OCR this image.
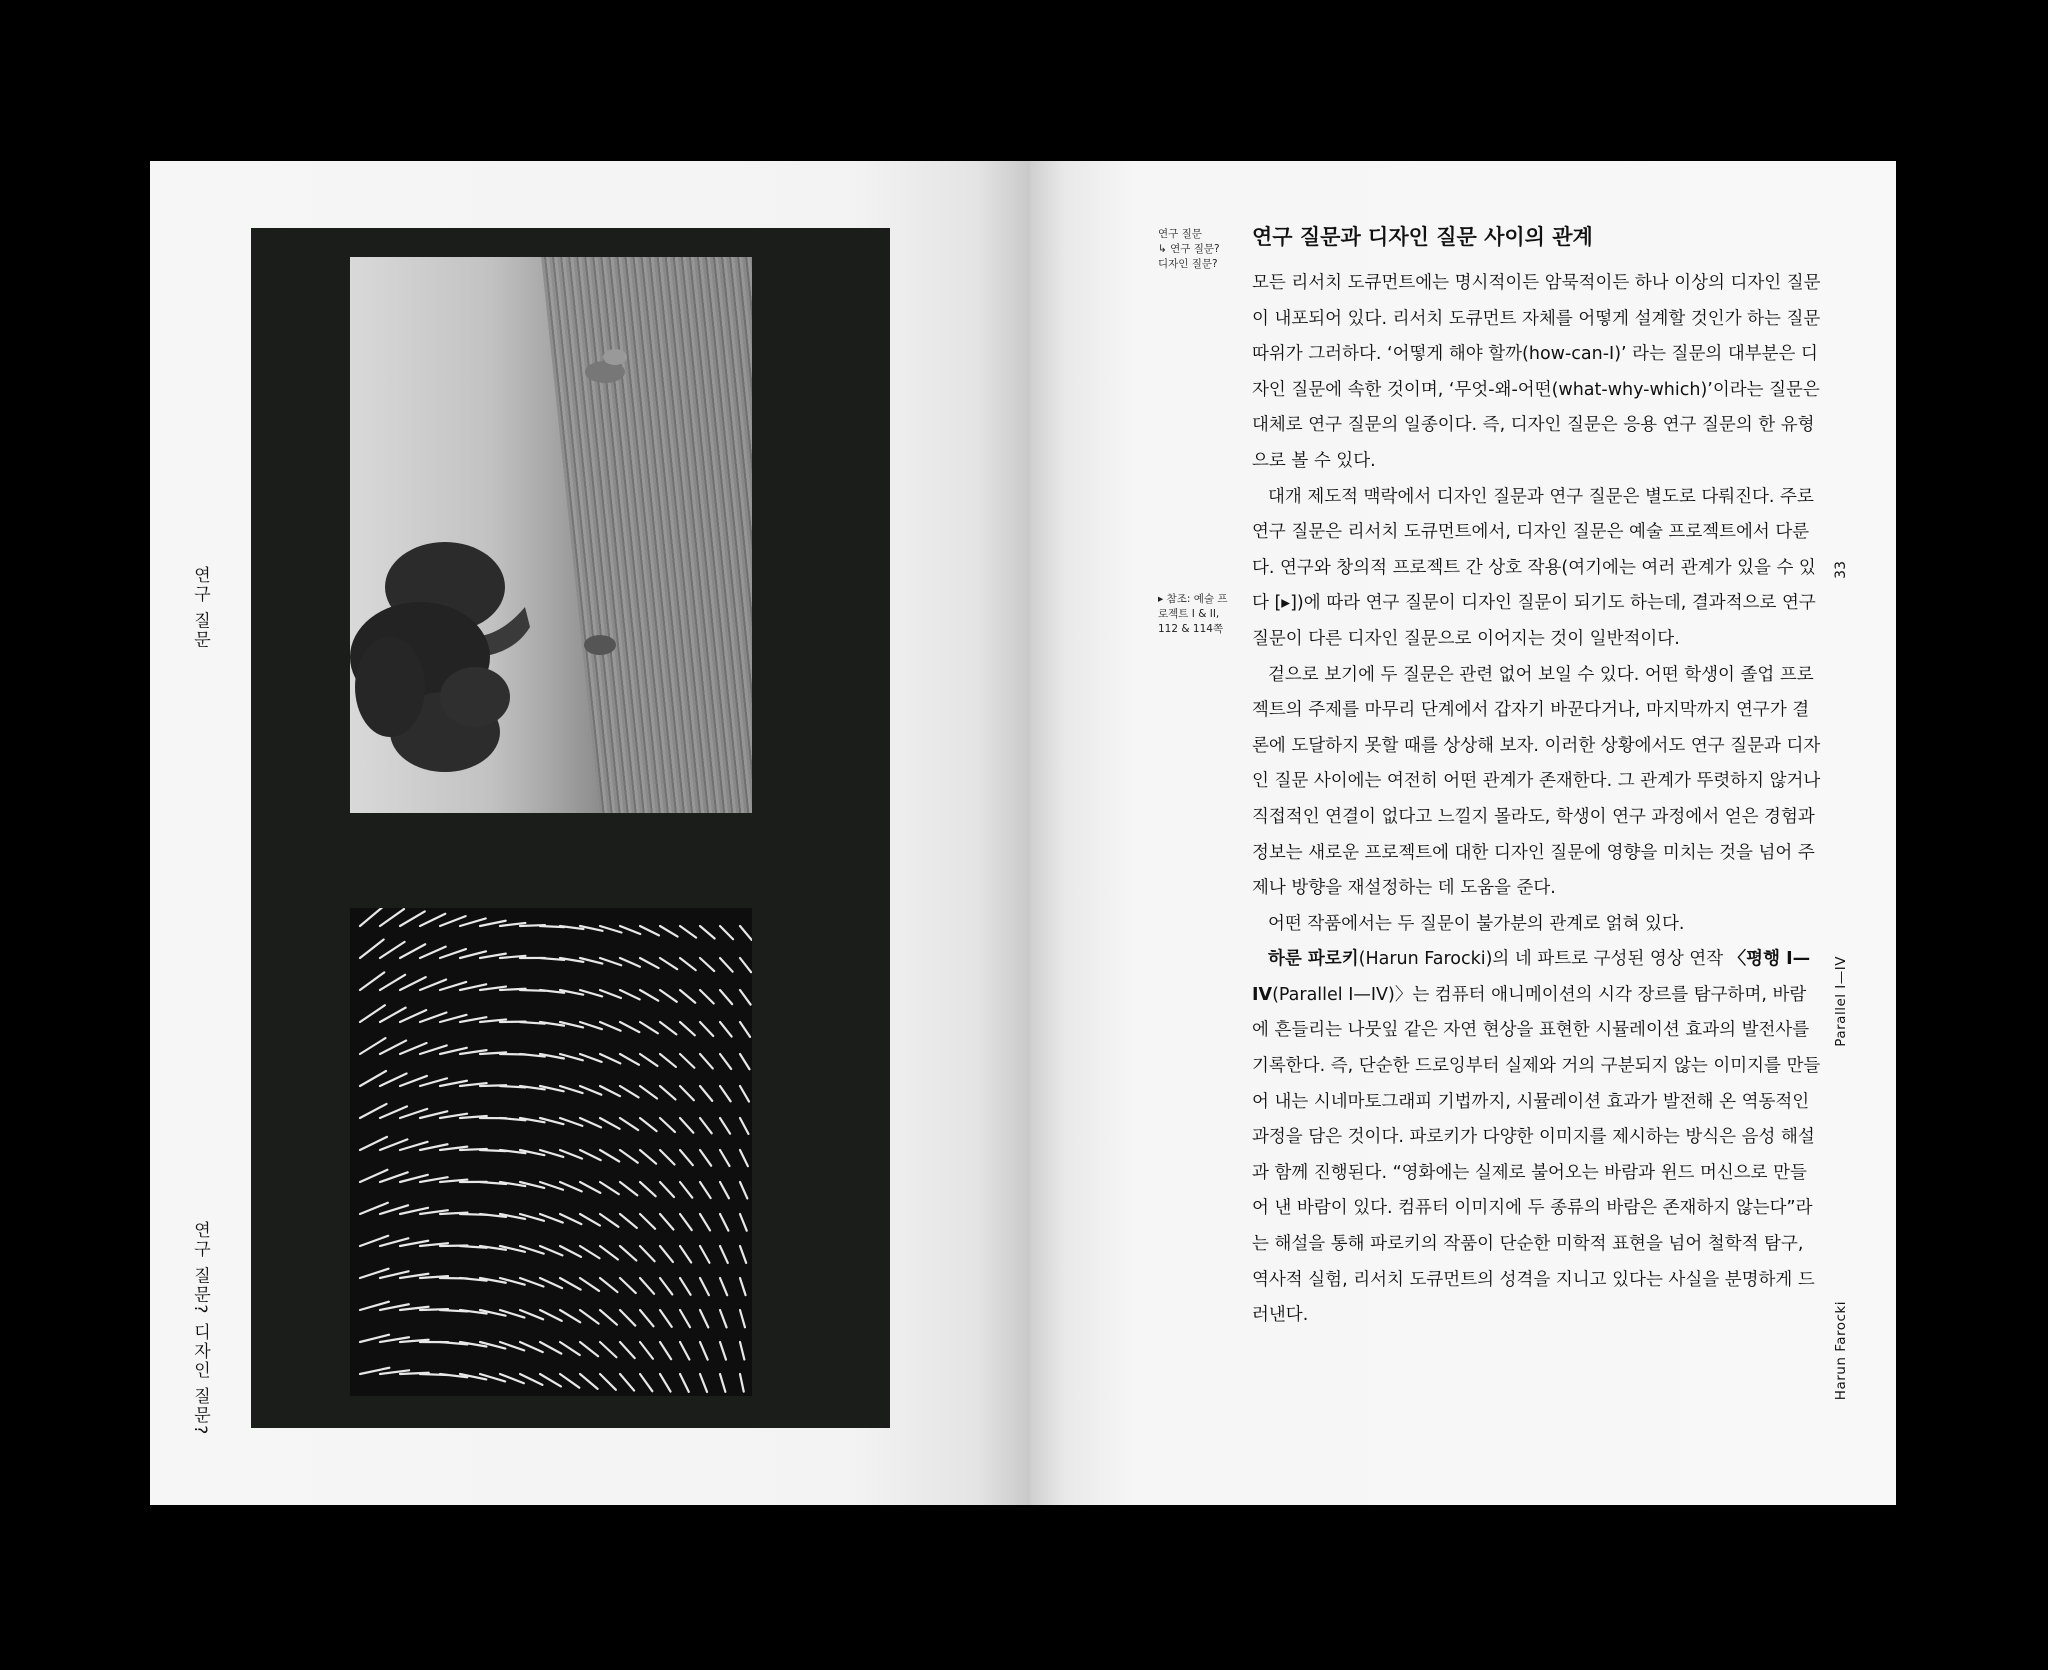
연구 질문
연구 질문? 디자인 질문?
연구 질문
↳ 연구 질문? 디자인 질문?
▸ 참조: 예술 프로젝트 I & II, 112 & 114쪽
연구 질문과 디자인 질문 사이의 관계

모든 리서치 도큐먼트에는 명시적이든 암묵적이든 하나 이상의 디자인 질문이 내포되어 있다. 리서치 도큐먼트 자체를 어떻게 설계할 것인가 하는 질문 따위가 그러하다. ‘어떻게 해야 할까(how-can-I)’ 라는 질문의 대부분은 디자인 질문에 속한 것이며, ‘무엇-왜-어떤(what-why-which)’이라는 질문은 대체로 연구 질문의 일종이다. 즉, 디자인 질문은 응용 연구 질문의 한 유형으로 볼 수 있다.

대개 제도적 맥락에서 디자인 질문과 연구 질문은 별도로 다뤄진다. 주로 연구 질문은 리서치 도큐먼트에서, 디자인 질문은 예술 프로젝트에서 다룬다. 연구와 창의적 프로젝트 간 상호 작용(여기에는 여러 관계가 있을 수 있다 [▸])에 따라 연구 질문이 디자인 질문이 되기도 하는데, 결과적으로 연구 질문이 다른 디자인 질문으로 이어지는 것이 일반적이다.

겉으로 보기에 두 질문은 관련 없어 보일 수 있다. 어떤 학생이 졸업 프로젝트의 주제를 마무리 단계에서 갑자기 바꾼다거나, 마지막까지 연구가 결론에 도달하지 못할 때를 상상해 보자. 이러한 상황에서도 연구 질문과 디자인 질문 사이에는 여전히 어떤 관계가 존재한다. 그 관계가 뚜렷하지 않거나 직접적인 연결이 없다고 느낄지 몰라도, 학생이 연구 과정에서 얻은 경험과 정보는 새로운 프로젝트에 대한 디자인 질문에 영향을 미치는 것을 넘어 주제나 방향을 재설정하는 데 도움을 준다.

어떤 작품에서는 두 질문이 불가분의 관계로 얽혀 있다.

하룬 파로키(Harun Farocki)의 네 파트로 구성된 영상 연작 〈평행 I—IV(Parallel I—IV)〉는 컴퓨터 애니메이션의 시각 장르를 탐구하며, 바람에 흔들리는 나뭇잎 같은 자연 현상을 표현한 시뮬레이션 효과의 발전사를 기록한다. 즉, 단순한 드로잉부터 실제와 거의 구분되지 않는 이미지를 만들어 내는 시네마토그래피 기법까지, 시뮬레이션 효과가 발전해 온 역동적인 과정을 담은 것이다. 파로키가 다양한 이미지를 제시하는 방식은 음성 해설과 함께 진행된다. “영화에는 실제로 불어오는 바람과 윈드 머신으로 만들어 낸 바람이 있다. 컴퓨터 이미지에 두 종류의 바람은 존재하지 않는다”라는 해설을 통해 파로키의 작품이 단순한 미학적 표현을 넘어 철학적 탐구, 역사적 실험, 리서치 도큐먼트의 성격을 지니고 있다는 사실을 분명하게 드러낸다.

33
Parallel I—IV
Harun Farocki
